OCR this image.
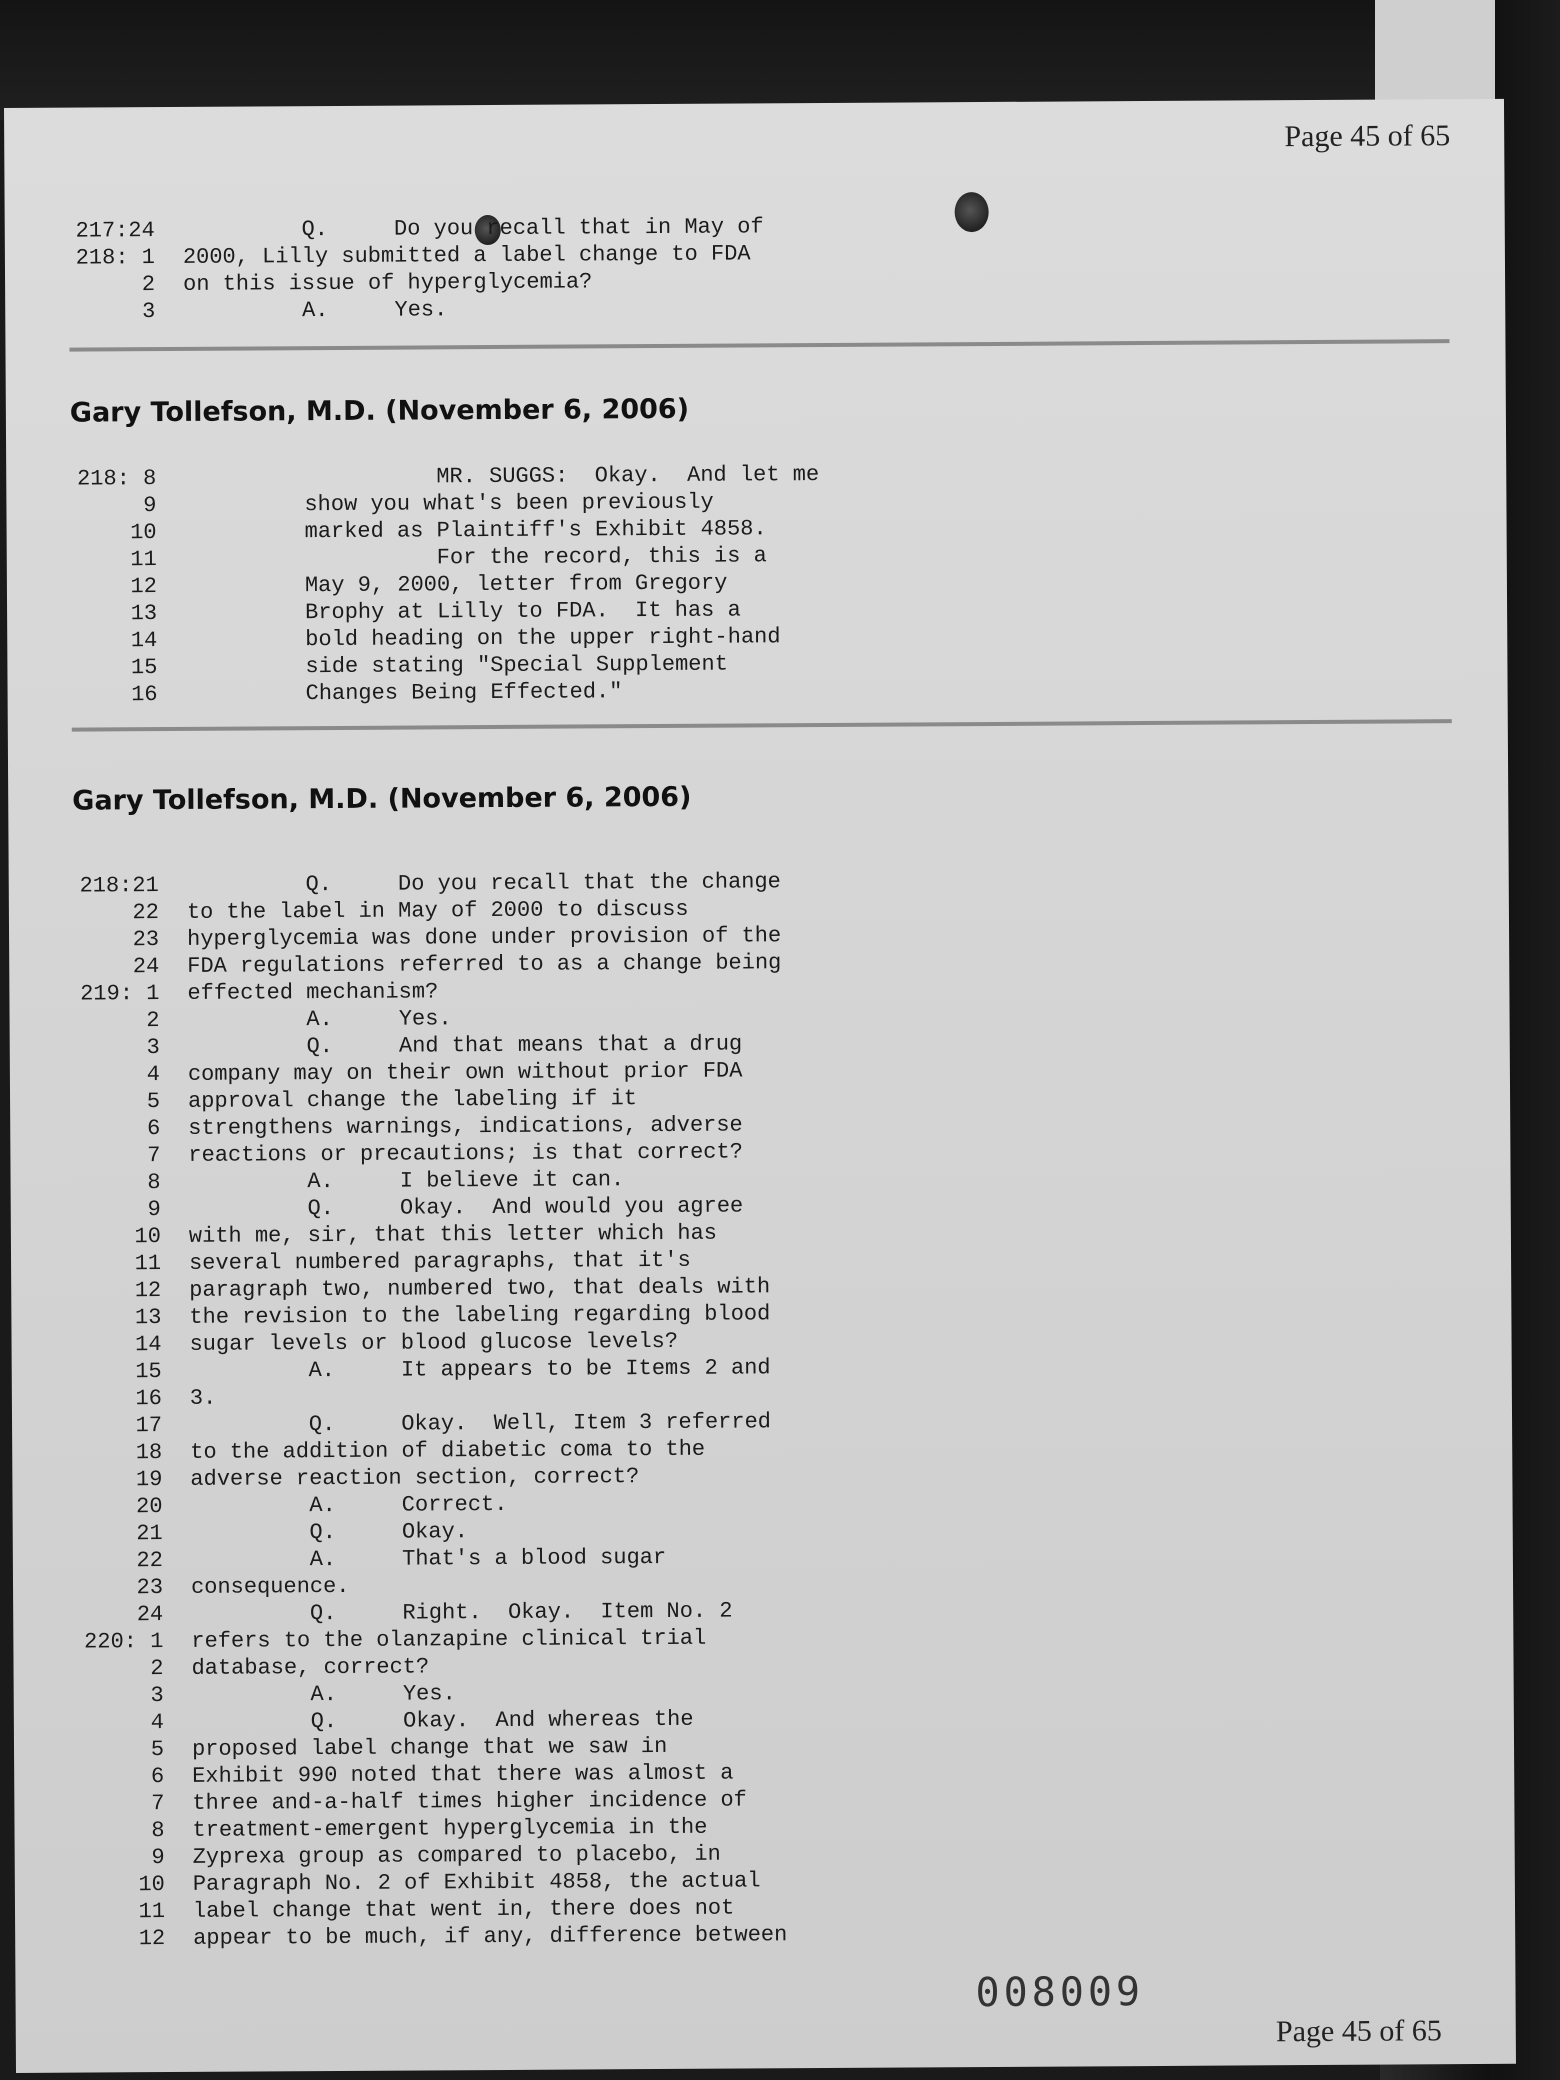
Page 45 of 65
217:24 Q.     Do you recall that in May of
218: 1 2000, Lilly submitted a label change to FDA
2 on this issue of hyperglycemia?
3 A.     Yes.
Gary Tollefson, M.D. (November 6, 2006)
218: 8	MR. SUGGS:  Okay.  And let me
9	show you what's been previously
10	marked as Plaintiff's Exhibit 4858.
11	For the record, this is a
12	May 9, 2000, letter from Gregory
13	Brophy at Lilly to FDA.  It has a
14	bold heading on the upper right-hand
15	side stating "Special Supplement
16	Changes Being Effected."
Gary Tollefson, M.D. (November 6, 2006)
218:21 Q.     Do you recall that the change
22 to the label in May of 2000 to discuss
23 hyperglycemia was done under provision of the
24 FDA regulations referred to as a change being
219: 1 effected mechanism?
2 A.     Yes.
3 Q.     And that means that a drug
4 company may on their own without prior FDA
5 approval change the labeling if it
6 strengthens warnings, indications, adverse
7 reactions or precautions; is that correct?
8 A.     I believe it can.
9 Q.     Okay.  And would you agree
10 with me, sir, that this letter which has
11 several numbered paragraphs, that it's
12 paragraph two, numbered two, that deals with
13 the revision to the labeling regarding blood
14 sugar levels or blood glucose levels?
15 A.     It appears to be Items 2 and
16 3.
17 Q.     Okay.  Well, Item 3 referred
18 to the addition of diabetic coma to the
19 adverse reaction section, correct?
20 A.     Correct.
21 Q.     Okay.
22 A.     That's a blood sugar
23 consequence.
24 Q.     Right.  Okay.  Item No. 2
220: 1 refers to the olanzapine clinical trial
2 database, correct?
3 A.     Yes.
4 Q.     Okay.  And whereas the
5 proposed label change that we saw in
6 Exhibit 990 noted that there was almost a
7 three and-a-half times higher incidence of
8 treatment-emergent hyperglycemia in the
9 Zyprexa group as compared to placebo, in
10 Paragraph No. 2 of Exhibit 4858, the actual
11 label change that went in, there does not
12 appear to be much, if any, difference between
008009
Page 45 of 65
